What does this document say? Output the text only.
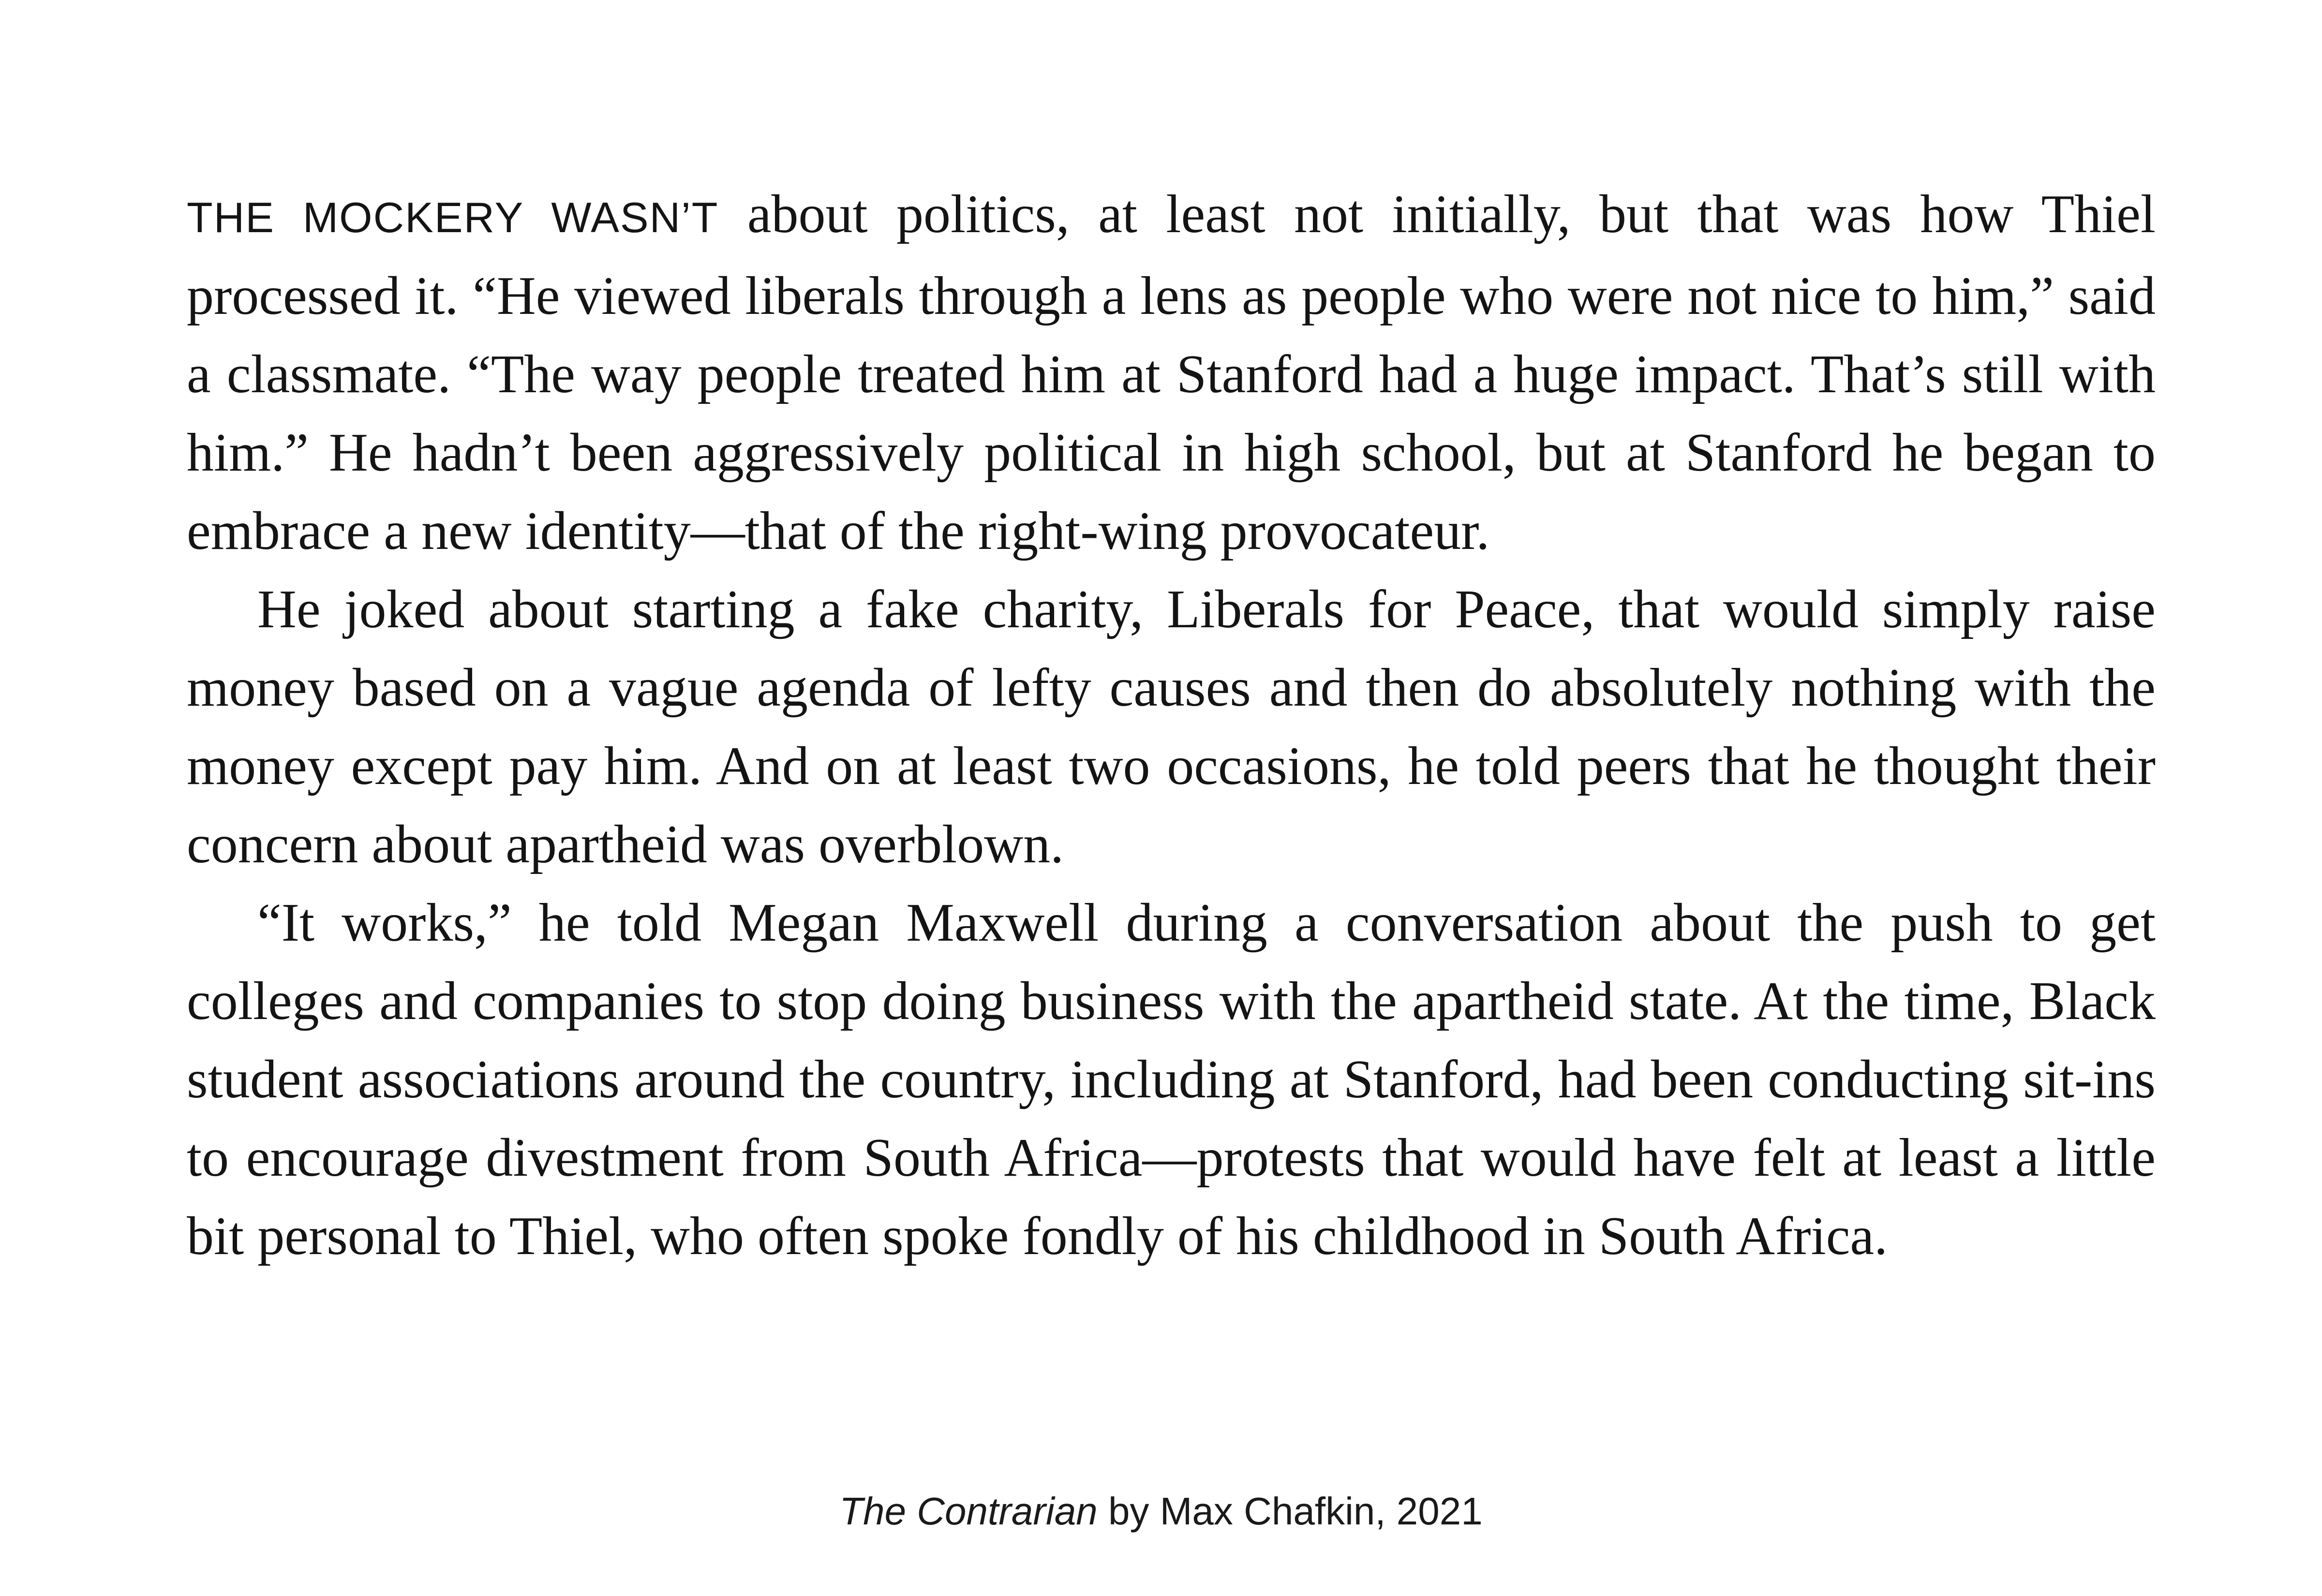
THE MOCKERY WASN’T about politics, at least not initially, but that was how Thiel processed it. “He viewed liberals through a lens as people who were not nice to him,” said a classmate. “The way people treated him at Stanford had a huge impact. That’s still with him.” He hadn’t been aggressively political in high school, but at Stanford he began to embrace a new identity—that of the right-wing provocateur.

He joked about starting a fake charity, Liberals for Peace, that would simply raise money based on a vague agenda of lefty causes and then do absolutely nothing with the money except pay him. And on at least two occasions, he told peers that he thought their concern about apartheid was overblown.

“It works,” he told Megan Maxwell during a conversation about the push to get colleges and companies to stop doing business with the apartheid state. At the time, Black student associations around the country, including at Stanford, had been conducting sit-ins to encourage divestment from South Africa—protests that would have felt at least a little bit personal to Thiel, who often spoke fondly of his childhood in South Africa.

The Contrarian by Max Chafkin, 2021
